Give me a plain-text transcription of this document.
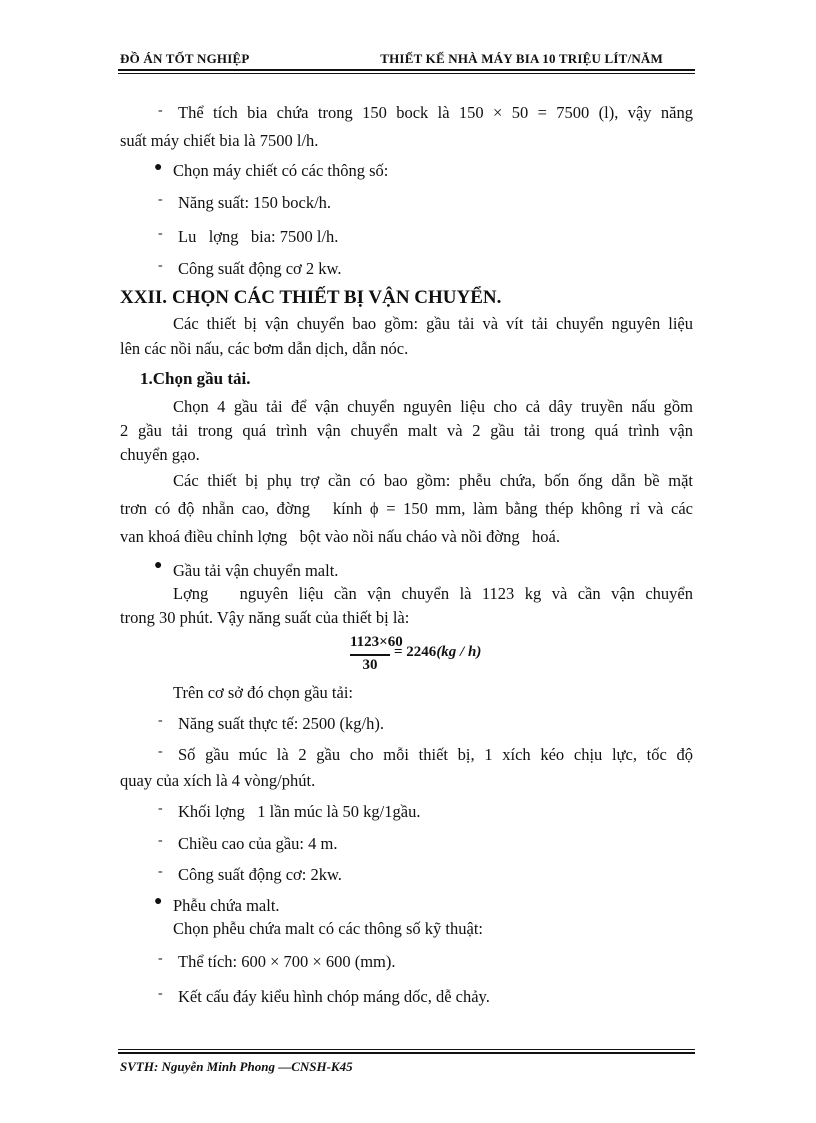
ĐỒ ÁN TỐT NGHIỆP	THIẾT KẾ NHÀ MÁY BIA 10 TRIỆU LÍT/NĂM
- Thể tích bia chứa trong 150 bock là 150 × 50 = 7500 (l), vậy năng
suất máy chiết bia là 7500 l/h.
● Chọn máy chiết có các thông số:
- Năng suất: 150 bock/h.
- Lu   lợng   bia: 7500 l/h.
- Công suất động cơ 2 kw.
XXII. CHỌN CÁC THIẾT BỊ VẬN CHUYỂN.
Các thiết bị vận chuyển bao gồm: gầu tải và vít tải chuyển nguyên liệu
lên các nồi nấu, các bơm dẫn dịch, dẫn nóc.
1.Chọn gầu tải.
Chọn 4 gầu tải để vận chuyển nguyên liệu cho cả dây truyền nấu gồm
2 gầu tải trong quá trình vận chuyển malt và 2 gầu tải trong quá trình vận
chuyển gạo.
Các thiết bị phụ trợ cần có bao gồm: phễu chứa, bốn ống dẫn bề mặt
trơn có độ nhẵn cao, đờng   kính ϕ = 150 mm, làm bằng thép không rỉ và các
van khoá điều chỉnh lợng   bột vào nồi nấu cháo và nồi đờng   hoá.
● Gầu tải vận chuyển malt.
Lợng   nguyên liệu cần vận chuyển là 1123 kg và cần vận chuyển
trong 30 phút. Vậy năng suất của thiết bị là:
1123×60
30
= 2246(kg / h)
Trên cơ sở đó chọn gầu tải:
- Năng suất thực tế: 2500 (kg/h).
- Số gầu múc là 2 gầu cho mỗi thiết bị, 1 xích kéo chịu lực, tốc độ
quay của xích là 4 vòng/phút.
- Khối lợng   1 lần múc là 50 kg/1gầu.
- Chiều cao của gầu: 4 m.
- Công suất động cơ: 2kw.
● Phễu chứa malt.
Chọn phễu chứa malt có các thông số kỹ thuật:
- Thể tích: 600 × 700 × 600 (mm).
- Kết cấu đáy kiểu hình chóp máng dốc, dễ chảy.
SVTH: Nguyễn Minh Phong —CNSH-K45
